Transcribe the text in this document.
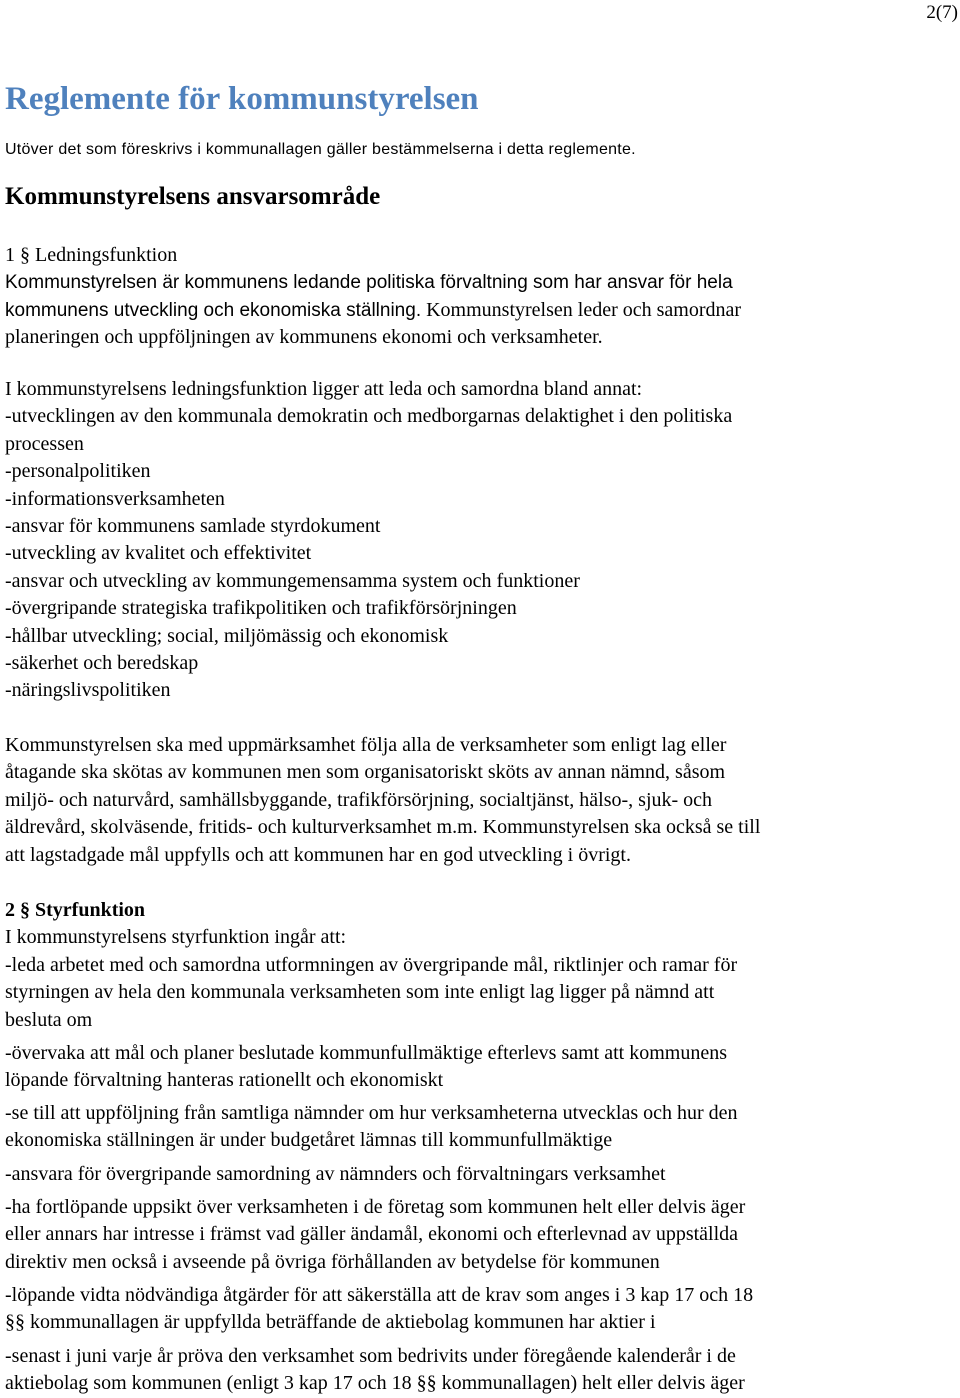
2(7)
Reglemente för kommunstyrelsen

Utöver det som föreskrivs i kommunallagen gäller bestämmelserna i detta reglemente.

Kommunstyrelsens ansvarsområde
1 § Ledningsfunktion
Kommunstyrelsen är kommunens ledande politiska förvaltning som har ansvar för hela
kommunens utveckling och ekonomiska ställning. Kommunstyrelsen leder och samordnar
planeringen och uppföljningen av kommunens ekonomi och verksamheter.
I kommunstyrelsens ledningsfunktion ligger att leda och samordna bland annat:
-utvecklingen av den kommunala demokratin och medborgarnas delaktighet i den politiska
processen
-personalpolitiken
-informationsverksamheten
-ansvar för kommunens samlade styrdokument
-utveckling av kvalitet och effektivitet
-ansvar och utveckling av kommungemensamma system och funktioner
-övergripande strategiska trafikpolitiken och trafikförsörjningen
-hållbar utveckling; social, miljömässig och ekonomisk
-säkerhet och beredskap
-näringslivspolitiken
Kommunstyrelsen ska med uppmärksamhet följa alla de verksamheter som enligt lag eller
åtagande ska skötas av kommunen men som organisatoriskt sköts av annan nämnd, såsom
miljö- och naturvård, samhällsbyggande, trafikförsörjning, socialtjänst, hälso-, sjuk- och
äldrevård, skolväsende, fritids- och kulturverksamhet m.m. Kommunstyrelsen ska också se till
att lagstadgade mål uppfylls och att kommunen har en god utveckling i övrigt.
2 § Styrfunktion
I kommunstyrelsens styrfunktion ingår att:
-leda arbetet med och samordna utformningen av övergripande mål, riktlinjer och ramar för
styrningen av hela den kommunala verksamheten som inte enligt lag ligger på nämnd att
besluta om
-övervaka att mål och planer beslutade kommunfullmäktige efterlevs samt att kommunens
löpande förvaltning hanteras rationellt och ekonomiskt
-se till att uppföljning från samtliga nämnder om hur verksamheterna utvecklas och hur den
ekonomiska ställningen är under budgetåret lämnas till kommunfullmäktige
-ansvara för övergripande samordning av nämnders och förvaltningars verksamhet
-ha fortlöpande uppsikt över verksamheten i de företag som kommunen helt eller delvis äger
eller annars har intresse i främst vad gäller ändamål, ekonomi och efterlevnad av uppställda
direktiv men också i avseende på övriga förhållanden av betydelse för kommunen
-löpande vidta nödvändiga åtgärder för att säkerställa att de krav som anges i 3 kap 17 och 18
§§ kommunallagen är uppfyllda beträffande de aktiebolag kommunen har aktier i
-senast i juni varje år pröva den verksamhet som bedrivits under föregående kalenderår i de
aktiebolag som kommunen (enligt 3 kap 17 och 18 §§ kommunallagen) helt eller delvis äger
